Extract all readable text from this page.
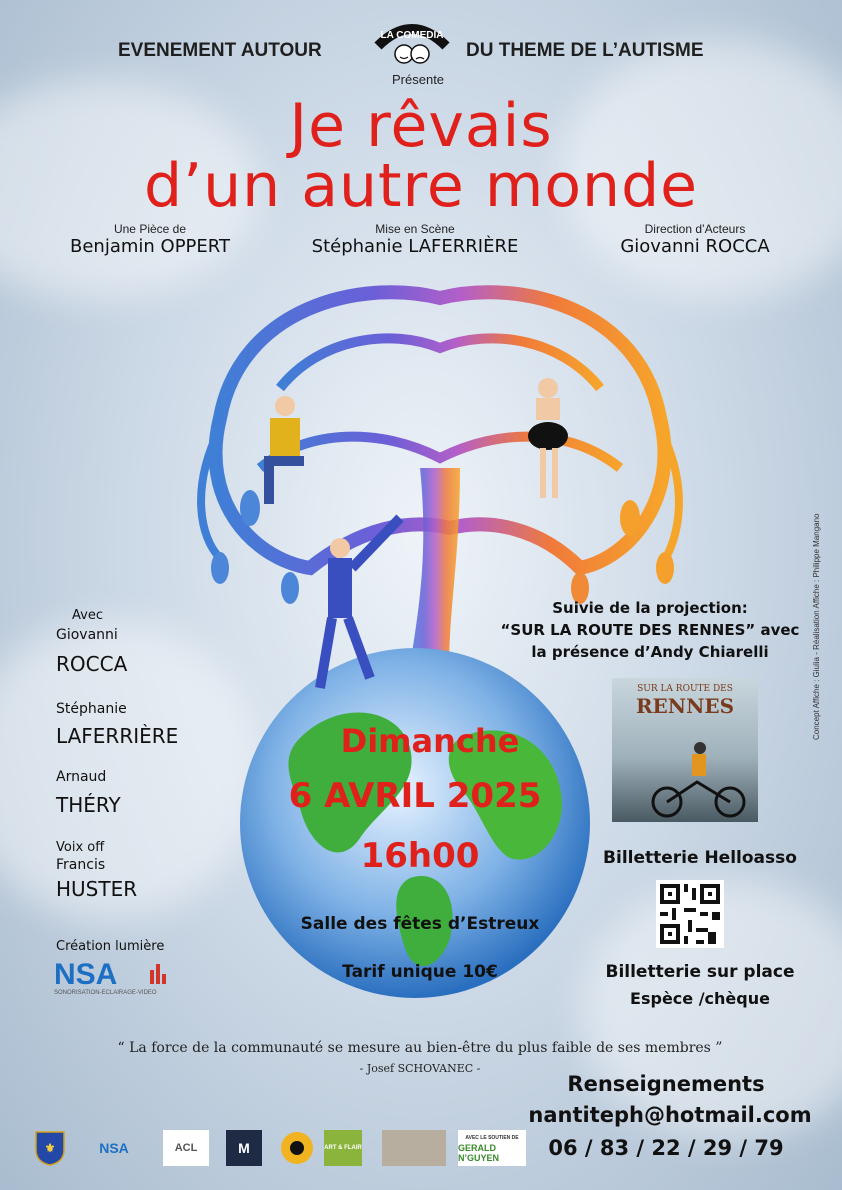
EVENEMENT AUTOUR	DU THEME DE L’AUTISME
LA COMEDIA
Présente
Je rêvais
d’un autre monde
Une Pièce de
Benjamin OPPERT
Mise en Scène
Stéphanie LAFERRIÈRE
Direction d’Acteurs
Giovanni ROCCA
Avec
Giovanni
ROCCA
Stéphanie
LAFERRIÈRE
Arnaud
THÉRY
Voix off
Francis
HUSTER
Création lumière
NSA
SONORISATION-ECLAIRAGE-VIDEO
Suivie de la projection:
“SUR LA ROUTE DES RENNES” avec
la présence d’Andy Chiarelli
SUR LA ROUTE DES
RENNES
Dimanche
6 AVRIL 2025
16h00
Salle des fêtes d’Estreux
Tarif unique 10€
Billetterie Helloasso
Billetterie sur place
Espèce /chèque
“ La force de la communauté se mesure au bien-être du plus faible de ses membres ”
- Josef SCHOVANEC -
Renseignements
nantiteph@hotmail.com
06 / 83 / 22 / 29 / 79
Concept Affiche : Giulia - Réalisation Affiche : Philippe Mangano
⚜	NSA	ACL	M	ART & FLAIR
AVEC LE SOUTIEN DE
GERALD N’GUYEN
